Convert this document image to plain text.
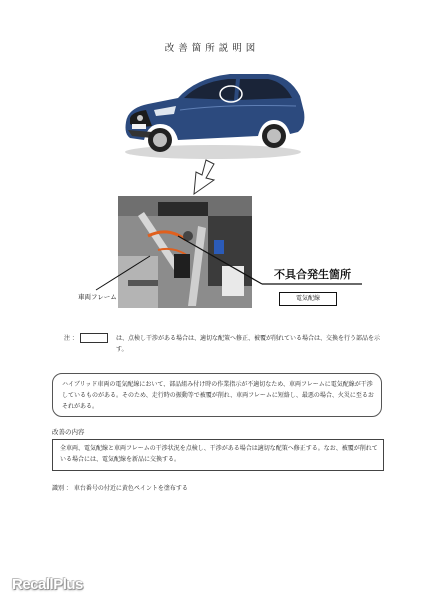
改善箇所説明図
車両フレーム
不具合発生箇所
電気配線
注 ：	は、点検し干渉がある場合は、適切な配策へ修正、被覆が削れている場合は、交換を行う部品を示す。
ハイブリッド車両の電気配線において、部品組み付け時の作業指示が不適切なため、車両フレームに電気配線が干渉しているものがある。そのため、走行時の振動等で被覆が削れ、車両フレームに短絡し、最悪の場合、火災に至るおそれがある。
改善の内容
全車両、電気配線と車両フレームの干渉状況を点検し、干渉がある場合は適切な配策へ修正する。なお、被覆が削れている場合には、電気配線を新品に交換する。
識別 ： 車台番号の付近に黄色ペイントを塗布する
RecallPlus
